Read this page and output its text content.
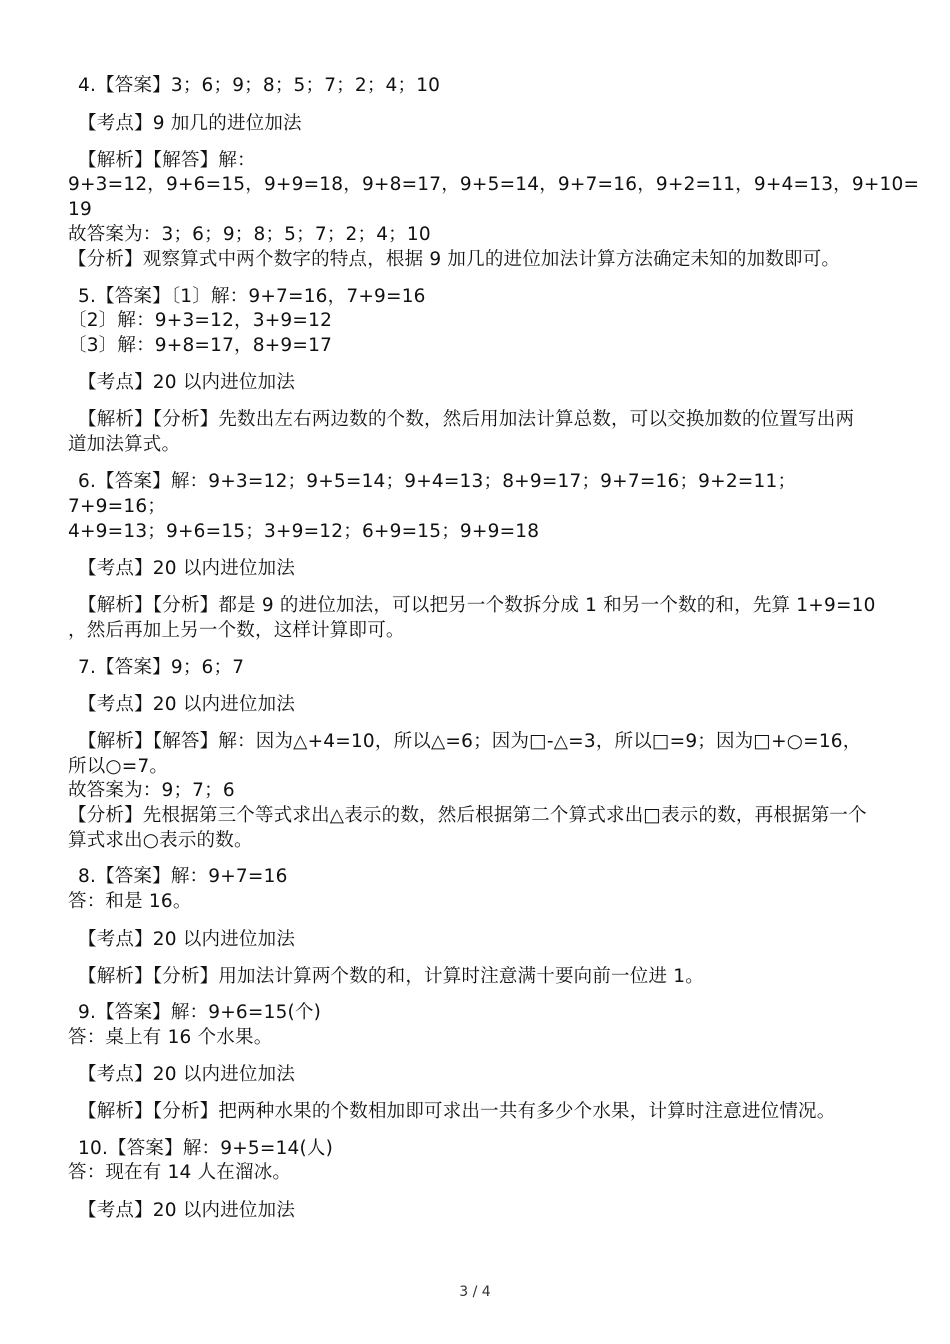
4.【答案】3；6；9；8；5；7；2；4；10
【考点】9 加几的进位加法
【解析】【解答】解：
9+3=12，9+6=15，9+9=18，9+8=17，9+5=14，9+7=16，9+2=11，9+4=13，9+10=
19
故答案为：3；6；9；8；5；7；2；4；10
【分析】观察算式中两个数字的特点，根据 9 加几的进位加法计算方法确定未知的加数即可。
5.【答案】〔1〕解：9+7=16，7+9=16
〔2〕解：9+3=12，3+9=12
〔3〕解：9+8=17，8+9=17
【考点】20 以内进位加法
【解析】【分析】先数出左右两边数的个数，然后用加法计算总数，可以交换加数的位置写出两
道加法算式。
6.【答案】解：9+3=12；9+5=14；9+4=13；8+9=17；9+7=16；9+2=11；
7+9=16；
4+9=13；9+6=15；3+9=12；6+9=15；9+9=18
【考点】20 以内进位加法
【解析】【分析】都是 9 的进位加法，可以把另一个数拆分成 1 和另一个数的和，先算 1+9=10
，然后再加上另一个数，这样计算即可。
7.【答案】9；6；7
【考点】20 以内进位加法
【解析】【解答】解：因为△+4=10，所以△=6；因为□-△=3，所以□=9；因为□+○=16，
所以○=7。
故答案为：9；7；6
【分析】先根据第三个等式求出△表示的数，然后根据第二个算式求出□表示的数，再根据第一个
算式求出○表示的数。
8.【答案】解：9+7=16
答：和是 16。
【考点】20 以内进位加法
【解析】【分析】用加法计算两个数的和，计算时注意满十要向前一位进 1。
9.【答案】解：9+6=15(个)
答：桌上有 16 个水果。
【考点】20 以内进位加法
【解析】【分析】把两种水果的个数相加即可求出一共有多少个水果，计算时注意进位情况。
10.【答案】解：9+5=14(人)
答：现在有 14 人在溜冰。
【考点】20 以内进位加法
3 / 4
